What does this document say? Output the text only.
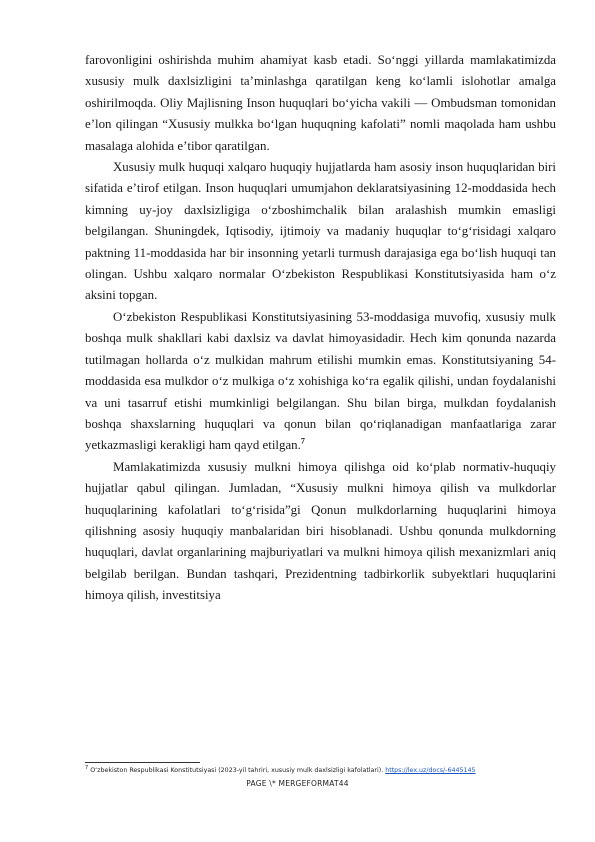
farovonligini oshirishda muhim ahamiyat kasb etadi. Soʻnggi yillarda mamlakatimizda xususiy mulk daxlsizligini taʼminlashga qaratilgan keng koʻlamli islohotlar amalga oshirilmoqda. Oliy Majlisning Inson huquqlari boʻyicha vakili — Ombudsman tomonidan eʼlon qilingan “Xususiy mulkka boʻlgan huquqning kafolati” nomli maqolada ham ushbu masalaga alohida eʼtibor qaratilgan.

Xususiy mulk huquqi xalqaro huquqiy hujjatlarda ham asosiy inson huquqlaridan biri sifatida eʼtirof etilgan. Inson huquqlari umumjahon deklaratsiyasining 12-moddasida hech kimning uy-joy daxlsizligiga oʻzboshimchalik bilan aralashish mumkin emasligi belgilangan. Shuningdek, Iqtisodiy, ijtimoiy va madaniy huquqlar toʻgʻrisidagi xalqaro paktning 11-moddasida har bir insonning yetarli turmush darajasiga ega boʻlish huquqi tan olingan. Ushbu xalqaro normalar Oʻzbekiston Respublikasi Konstitutsiyasida ham oʻz aksini topgan.

Oʻzbekiston Respublikasi Konstitutsiyasining 53-moddasiga muvofiq, xususiy mulk boshqa mulk shakllari kabi daxlsiz va davlat himoyasidadir. Hech kim qonunda nazarda tutilmagan hollarda oʻz mulkidan mahrum etilishi mumkin emas. Konstitutsiyaning 54-moddasida esa mulkdor oʻz mulkiga oʻz xohishiga koʻra egalik qilishi, undan foydalanishi va uni tasarruf etishi mumkinligi belgilangan. Shu bilan birga, mulkdan foydalanish boshqa shaxslarning huquqlari va qonun bilan qoʻriqlanadigan manfaatlariga zarar yetkazmasligi kerakligi ham qayd etilgan.$^7$

Mamlakatimizda xususiy mulkni himoya qilishga oid ko‘plab normativ-huquqiy hujjatlar qabul qilingan. Jumladan, “Xususiy mulkni himoya qilish va mulkdorlar huquqlarining kafolatlari toʻgʻrisida”gi Qonun mulkdorlarning huquqlarini himoya qilishning asosiy huquqiy manbalaridan biri hisoblanadi. Ushbu qonunda mulkdorning huquqlari, davlat organlarining majburiyatlari va mulkni himoya qilish mexanizmlari aniq belgilab berilgan. Bundan tashqari, Prezidentning tadbirkorlik subyektlari huquqlarini himoya qilish, investitsiya

$^7$ Oʻzbekiston Respublikasi Konstitutsiyasi (2023-yil tahriri, xususiy mulk daxlsizligi kafolatlari). https://lex.uz/docs/-6445145
PAGE \* MERGEFORMAT44
